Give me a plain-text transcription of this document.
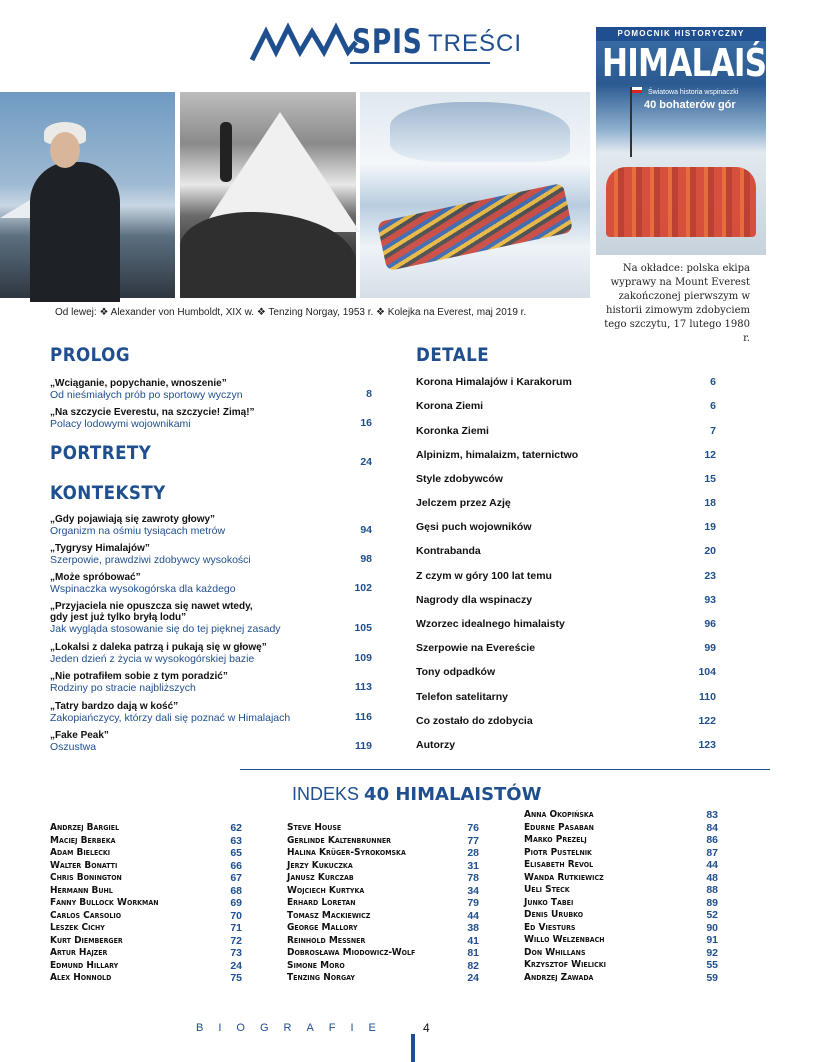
SPIS TREŚCI	POMOCNIK HISTORYCZNY
HIMALAIŚCI
Światowa historia wspinaczki
40 bohaterów gór
Od lewej: ❖ Alexander von Humboldt, XIX w. ❖ Tenzing Norgay, 1953 r. ❖ Kolejka na Everest, maj 2019 r.
Na okładce: polska ekipa wyprawy na Mount Everest zakończonej pierwszym w historii zimowym zdobyciem tego szczytu, 17 lutego 1980 r.
PROLOG
„Wciąganie, popychanie, wnoszenie”
Od nieśmiałych prób po sportowy wyczyn	8
„Na szczycie Everestu, na szczycie! Zimą!”
Polacy lodowymi wojownikami	16
PORTRETY	24
KONTEKSTY
„Gdy pojawiają się zawroty głowy”
Organizm na ośmiu tysiącach metrów	94
„Tygrysy Himalajów”
Szerpowie, prawdziwi zdobywcy wysokości	98
„Może spróbować”
Wspinaczka wysokogórska dla każdego	102
„Przyjaciela nie opuszcza się nawet wtedy,
gdy jest już tylko bryłą lodu”
Jak wygląda stosowanie się do tej pięknej zasady	105
„Lokalsi z daleka patrzą i pukają się w głowę”
Jeden dzień z życia w wysokogórskiej bazie	109
„Nie potrafiłem sobie z tym poradzić”
Rodziny po stracie najbliższych	113
„Tatry bardzo dają w kość”
Zakopiańczycy, którzy dali się poznać w Himalajach	116
„Fake Peak”
Oszustwa	119
DETALE
Korona Himalajów i Karakorum	6
Korona Ziemi	6
Koronka Ziemi	7
Alpinizm, himalaizm, taternictwo	12
Style zdobywców	15
Jelczem przez Azję	18
Gęsi puch wojowników	19
Kontrabanda	20
Z czym w góry 100 lat temu	23
Nagrody dla wspinaczy	93
Wzorzec idealnego himalaisty	96
Szerpowie na Evereście	99
Tony odpadków	104
Telefon satelitarny	110
Co zostało do zdobycia	122
Autorzy	123
INDEKS 40 HIMALAISTÓW
Andrzej Bargiel	62
Maciej Berbeka	63
Adam Bielecki	65
Walter Bonatti	66
Chris Bonington	67
Hermann Buhl	68
Fanny Bullock Workman	69
Carlos Carsolio	70
Leszek Cichy	71
Kurt Diemberger	72
Artur Hajzer	73
Edmund Hillary	24
Alex Honnold	75
Steve House	76
Gerlinde Kaltenbrunner	77
Halina Krüger-Syrokomska	28
Jerzy Kukuczka	31
Janusz Kurczab	78
Wojciech Kurtyka	34
Erhard Loretan	79
Tomasz Mackiewicz	44
George Mallory	38
Reinhold Messner	41
Dobrosława Miodowicz-Wolf	81
Simone Moro	82
Tenzing Norgay	24
Anna Okopińska	83
Edurne Pasaban	84
Marko Prezelj	86
Piotr Pustelnik	87
Elisabeth Revol	44
Wanda Rutkiewicz	48
Ueli Steck	88
Junko Tabei	89
Denis Urubko	52
Ed Viesturs	90
Willo Welzenbach	91
Don Whillans	92
Krzysztof Wielicki	55
Andrzej Zawada	59
BIOGRAFIE	4
